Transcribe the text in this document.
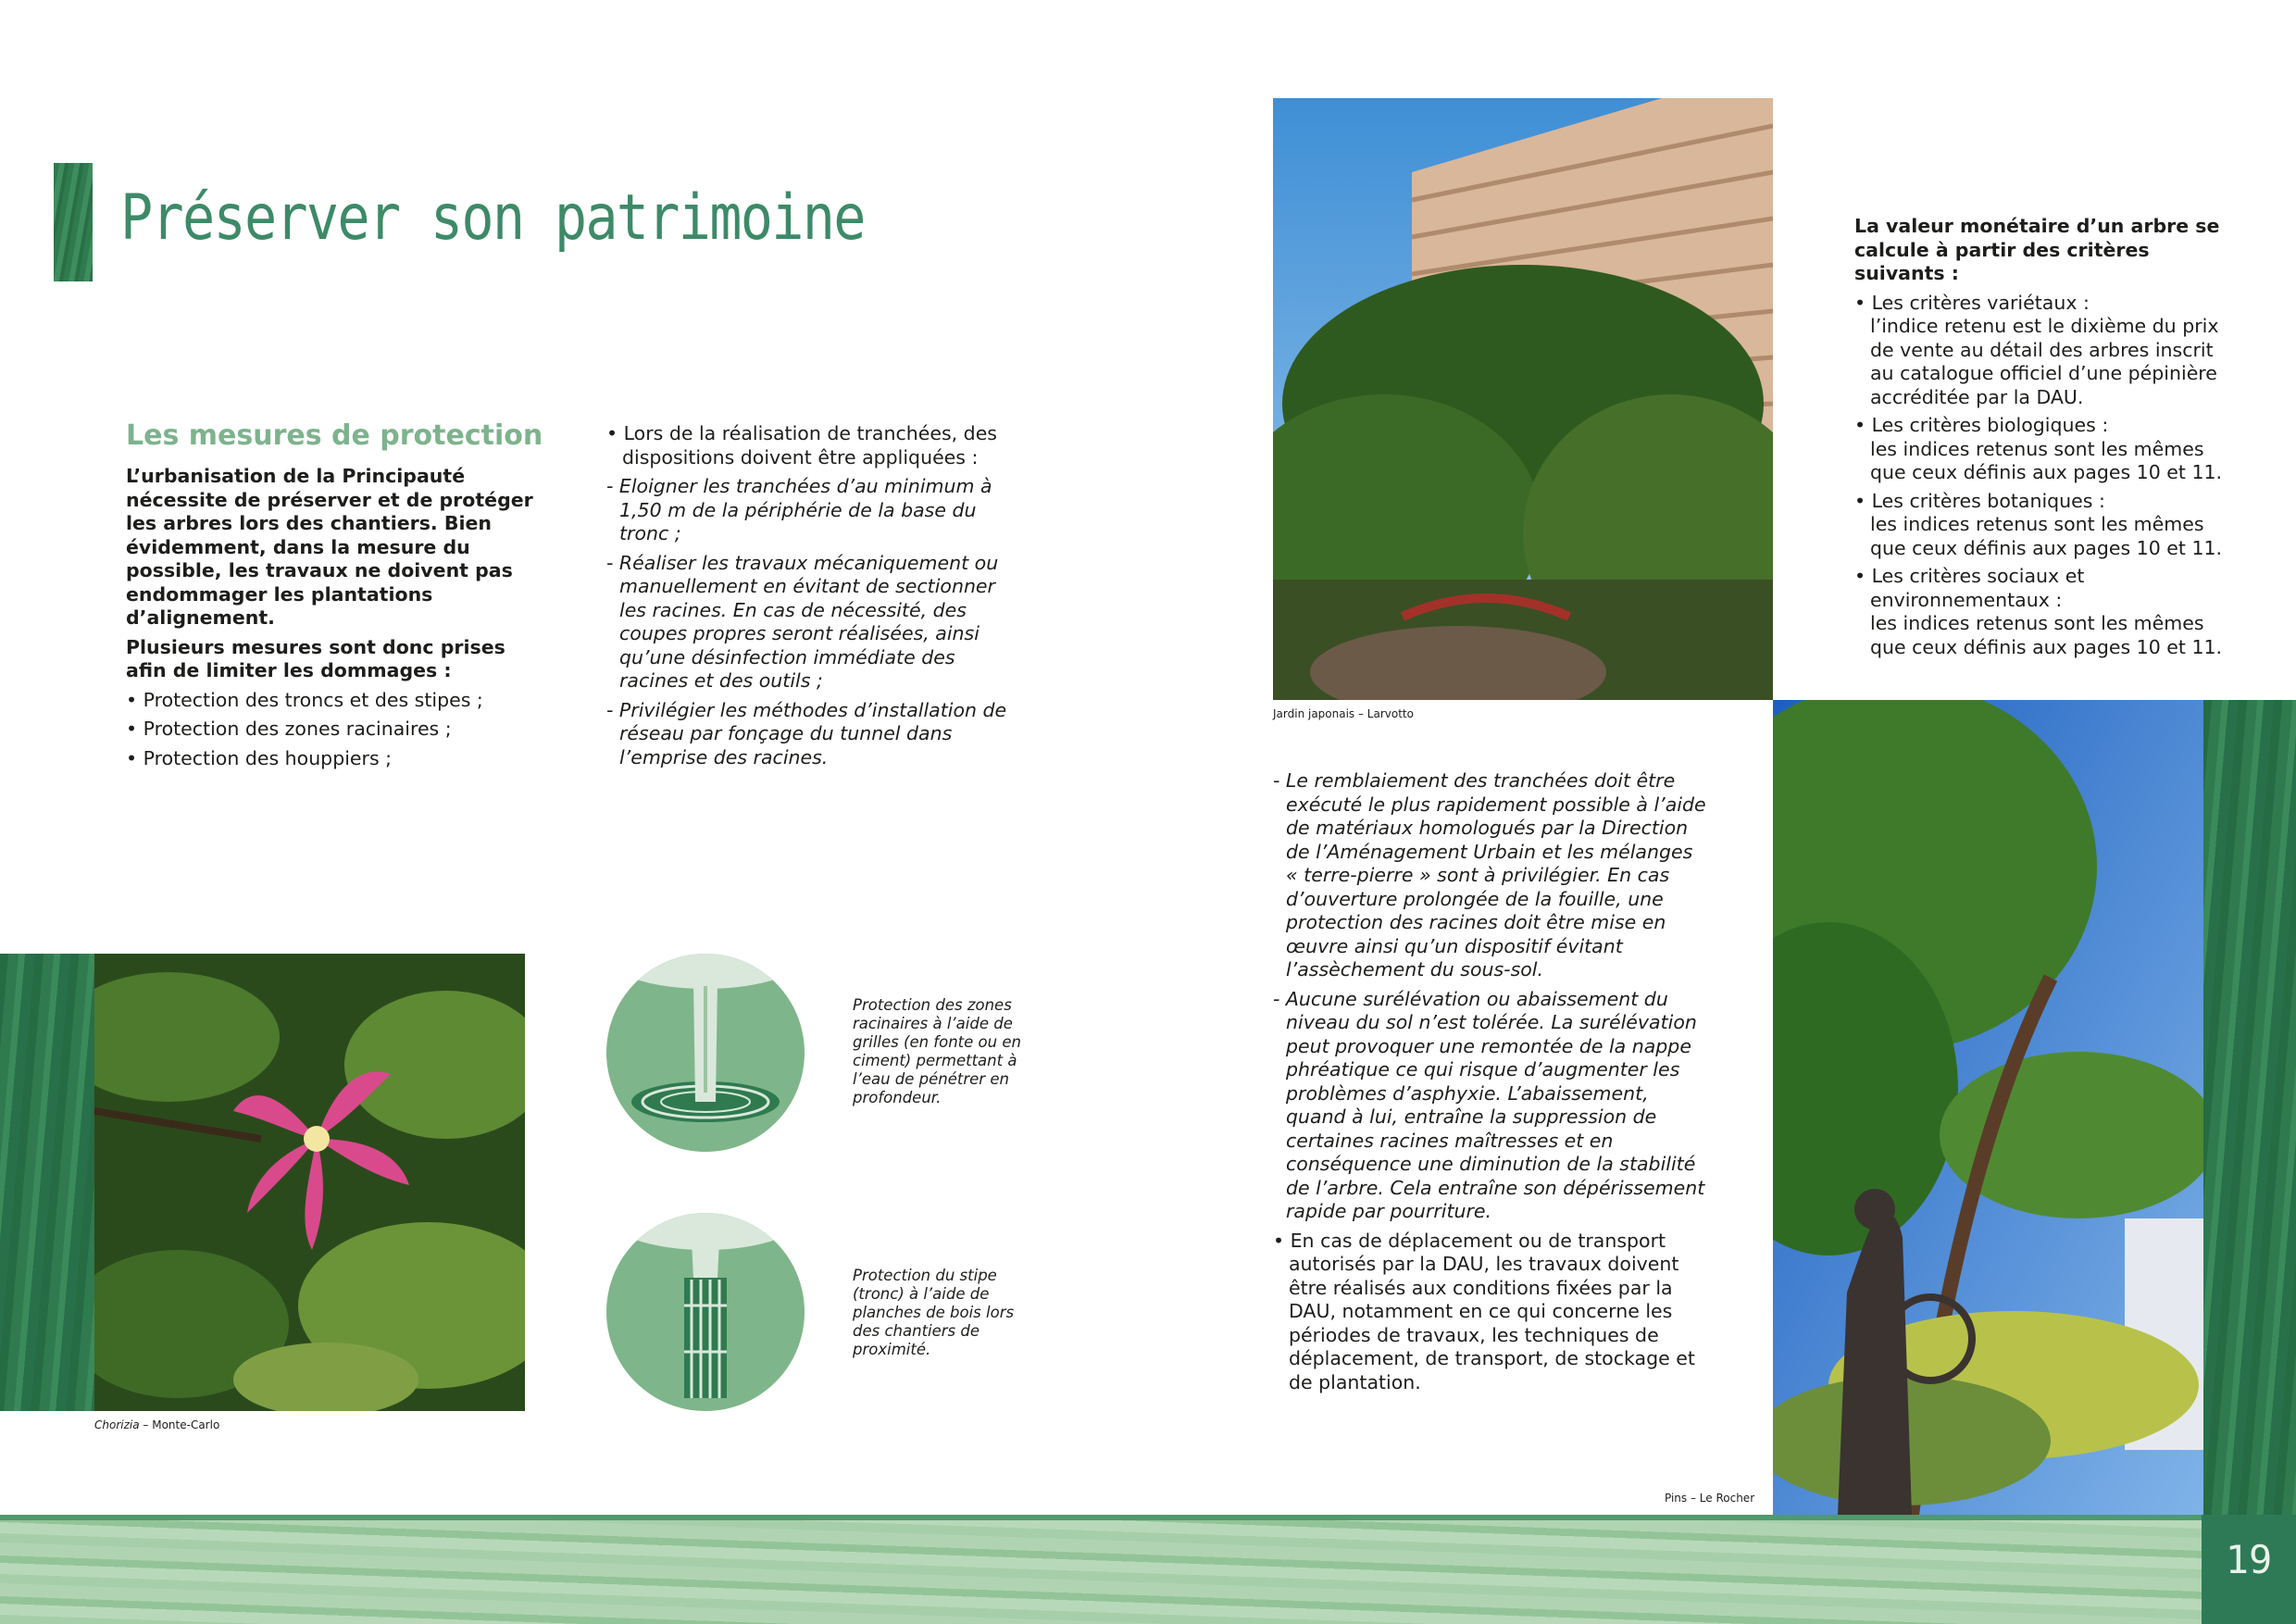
Préserver son patrimoine
Les mesures de protection

L’urbanisation de la Principauté nécessite de préserver et de protéger les arbres lors des chantiers. Bien évidemment, dans la mesure du possible, les travaux ne doivent pas endommager les plantations d’alignement.

Plusieurs mesures sont donc prises afin de limiter les dommages :

• Protection des troncs et des stipes ;

• Protection des zones racinaires ;

• Protection des houppiers ;

• Lors de la réalisation de tranchées, des dispositions doivent être appliquées :

- Eloigner les tranchées d’au minimum à 1,50 m de la périphérie de la base du tronc ;

- Réaliser les travaux mécaniquement ou manuellement en évitant de sectionner les racines. En cas de nécessité, des coupes propres seront réalisées, ainsi qu’une désinfection immédiate des racines et des outils ;

- Privilégier les méthodes d’installation de réseau par fonçage du tunnel dans l’emprise des racines.

Jardin japonais – Larvotto

La valeur monétaire d’un arbre se calcule à partir des critères suivants :

• Les critères variétaux :
l’indice retenu est le dixième du prix de vente au détail des arbres inscrit au catalogue officiel d’une pépinière accréditée par la DAU.
• Les critères biologiques :
les indices retenus sont les mêmes que ceux définis aux pages 10 et 11.
• Les critères botaniques :
les indices retenus sont les mêmes que ceux définis aux pages 10 et 11.
• Les critères sociaux et environnementaux :
les indices retenus sont les mêmes que ceux définis aux pages 10 et 11.

- Le remblaiement des tranchées doit être exécuté le plus rapidement possible à l’aide de matériaux homologués par la Direction de l’Aménagement Urbain et les mélanges « terre-pierre » sont à privilégier. En cas d’ouverture prolongée de la fouille, une protection des racines doit être mise en œuvre ainsi qu’un dispositif évitant l’assèchement du sous-sol.

- Aucune surélévation ou abaissement du niveau du sol n’est tolérée. La surélévation peut provoquer une remontée de la nappe phréatique ce qui risque d’augmenter les problèmes d’asphyxie. L’abaissement, quand à lui, entraîne la suppression de certaines racines maîtresses et en conséquence une diminution de la stabilité de l’arbre. Cela entraîne son dépérissement rapide par pourriture.

• En cas de déplacement ou de transport autorisés par la DAU, les travaux doivent être réalisés aux conditions fixées par la DAU, notamment en ce qui concerne les périodes de travaux, les techniques de déplacement, de transport, de stockage et de plantation.

Chorizia – Monte-Carlo
Protection des zones racinaires à l’aide de grilles (en fonte ou en ciment) permettant à l’eau de pénétrer en profondeur.
Protection du stipe (tronc) à l’aide de planches de bois lors des chantiers de proximité.
Pins – Le Rocher
19
